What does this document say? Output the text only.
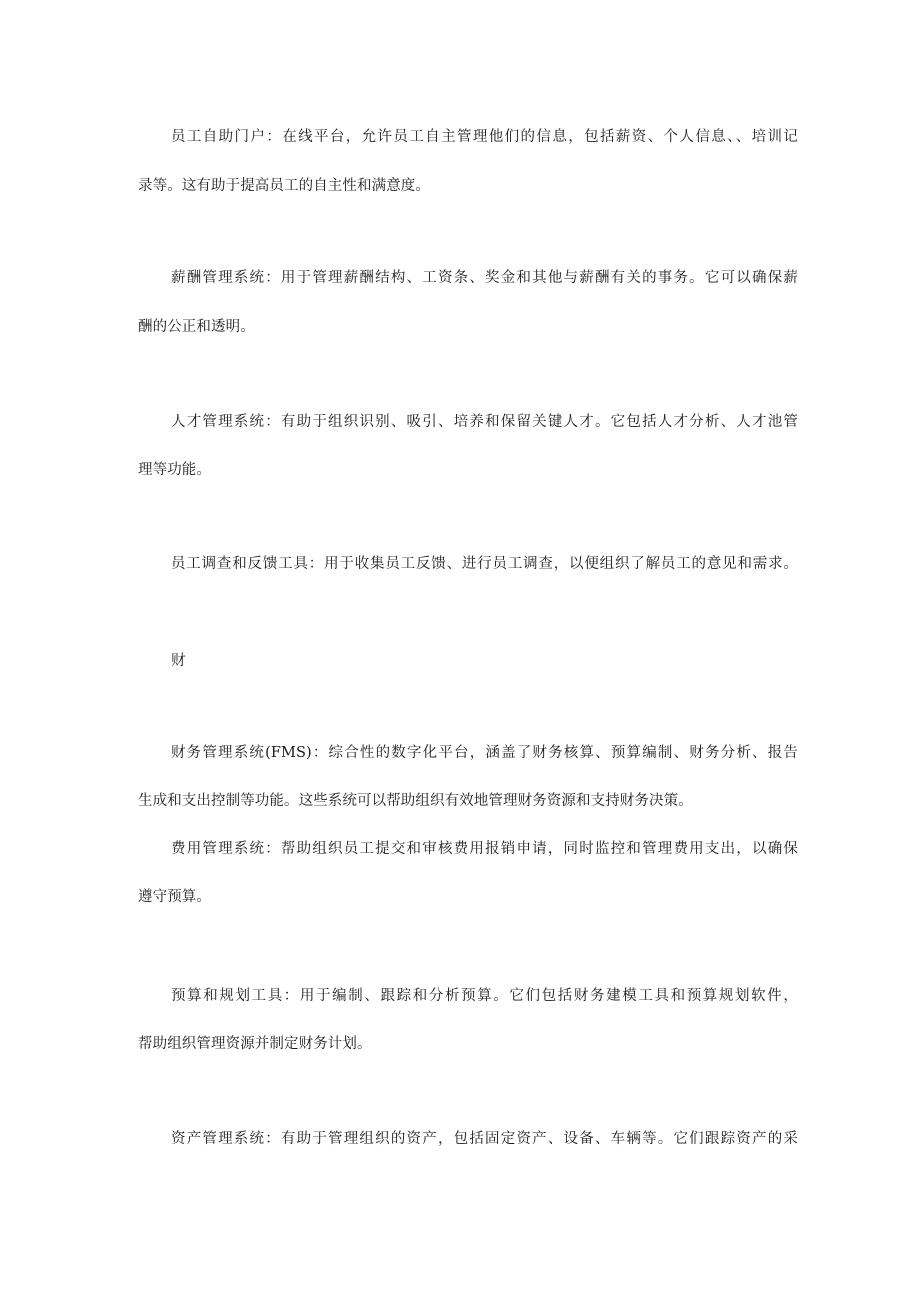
员工自助门户：在线平台，允许员工自主管理他们的信息，包括薪资、个人信息、、培训记
录等。这有助于提高员工的自主性和满意度。
薪酬管理系统：用于管理薪酬结构、工资条、奖金和其他与薪酬有关的事务。它可以确保薪
酬的公正和透明。
人才管理系统：有助于组织识别、吸引、培养和保留关键人才。它包括人才分析、人才池管
理等功能。
员工调查和反馈工具：用于收集员工反馈、进行员工调查，以便组织了解员工的意见和需求。
财
财务管理系统(FMS)：综合性的数字化平台，涵盖了财务核算、预算编制、财务分析、报告
生成和支出控制等功能。这些系统可以帮助组织有效地管理财务资源和支持财务决策。
费用管理系统：帮助组织员工提交和审核费用报销申请，同时监控和管理费用支出，以确保
遵守预算。
预算和规划工具：用于编制、跟踪和分析预算。它们包括财务建模工具和预算规划软件，
帮助组织管理资源并制定财务计划。
资产管理系统：有助于管理组织的资产，包括固定资产、设备、车辆等。它们跟踪资产的采
